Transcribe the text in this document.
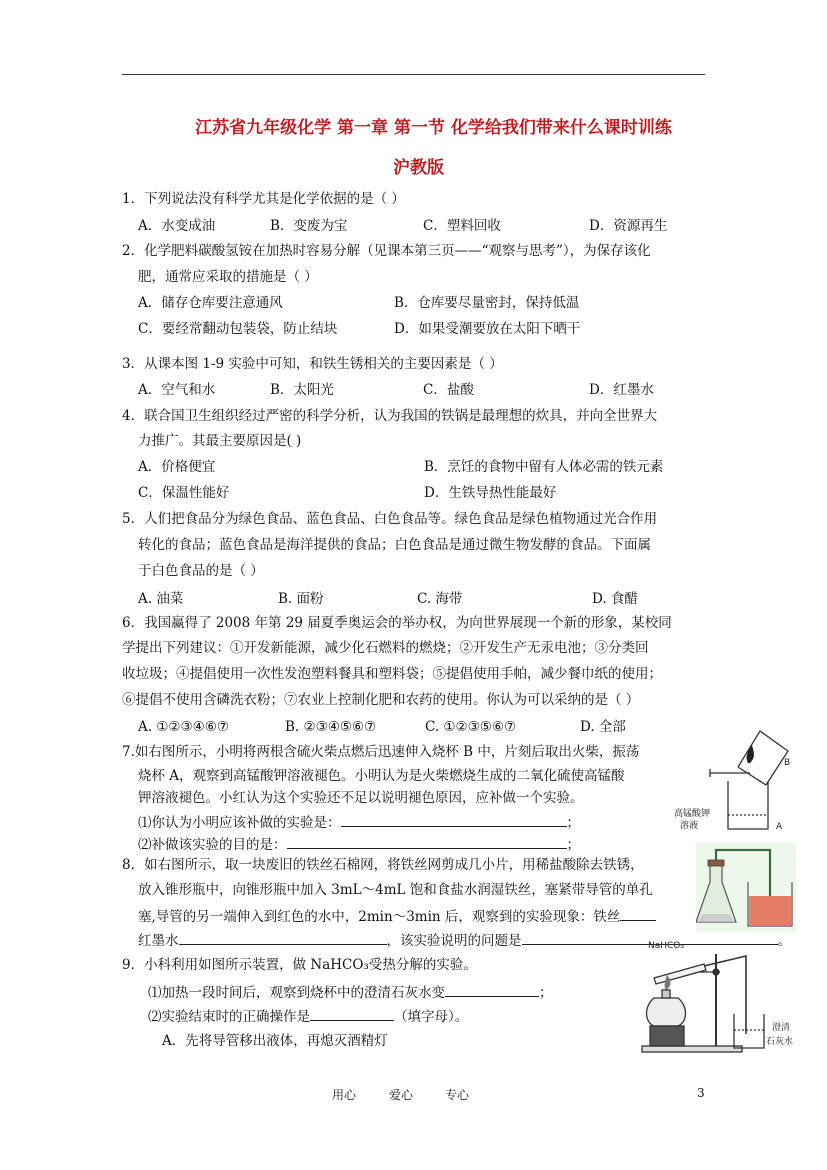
江苏省九年级化学 第一章 第一节 化学给我们带来什么课时训练
沪教版
1．下列说法没有科学尤其是化学依据的是（ ）
A．水变成油	B．变废为宝	C．塑料回收	D．资源再生
2．化学肥料碳酸氢铵在加热时容易分解（见课本第三页——“观察与思考”），为保存该化
肥，通常应采取的措施是（ ）
A．储存仓库要注意通风	B．仓库要尽量密封，保持低温
C．要经常翻动包装袋，防止结块	D．如果受潮要放在太阳下晒干
3．从课本图 1-9 实验中可知，和铁生锈相关的主要因素是（ ）
A．空气和水	B．太阳光	C．盐酸	D．红墨水
4．联合国卫生组织经过严密的科学分析，认为我国的铁锅是最理想的炊具，并向全世界大
力推广。其最主要原因是( )
A．价格便宜	B．烹饪的食物中留有人体必需的铁元素
C．保温性能好	D．生铁导热性能最好
5．人们把食品分为绿色食品、蓝色食品、白色食品等。绿色食品是绿色植物通过光合作用
转化的食品；蓝色食品是海洋提供的食品；白色食品是通过微生物发酵的食品。下面属
于白色食品的是（ ）
A. 油菜	B. 面粉	C. 海带	D. 食醋
6．我国赢得了 2008 年第 29 届夏季奥运会的举办权，为向世界展现一个新的形象，某校同
学提出下列建议：①开发新能源，减少化石燃料的燃烧；②开发生产无汞电池；③分类回
收垃圾；④提倡使用一次性发泡塑料餐具和塑料袋；⑤提倡使用手帕，减少餐巾纸的使用；
⑥提倡不使用含磷洗衣粉；⑦农业上控制化肥和农药的使用。你认为可以采纳的是（ ）
A. ①②③④⑥⑦	B. ②③④⑤⑥⑦	C. ①②③⑤⑥⑦	D. 全部
7.如右图所示，小明将两根含硫火柴点燃后迅速伸入烧杯 B 中，片刻后取出火柴，振荡
烧杯 A，观察到高锰酸钾溶液褪色。小明认为是火柴燃烧生成的二氧化硫使高锰酸
钾溶液褪色。小红认为这个实验还不足以说明褪色原因，应补做一个实验。
⑴你认为小明应该补做的实验是：	；
⑵补做该实验的目的是：	；
B
A
高锰酸钾
溶液
8．如右图所示，取一块废旧的铁丝石棉网，将铁丝网剪成几小片，用稀盐酸除去铁锈，
放入锥形瓶中，向锥形瓶中加入 3mL～4mL 饱和食盐水润湿铁丝，塞紧带导管的单孔
塞,导管的另一端伸入到红色的水中，2min～3min 后，观察到的实验现象：铁丝
红墨水	，该实验说明的问题是	。
9．小科利用如图所示装置，做 NaHCO₃受热分解的实验。
⑴加热一段时间后，观察到烧杯中的澄清石灰水变	；
⑵实验结束时的正确操作是	（填字母）。
A．先将导管移出液体，再熄灭酒精灯
NaHCO₃
澄清
石灰水
用心	爱心	专心	3
